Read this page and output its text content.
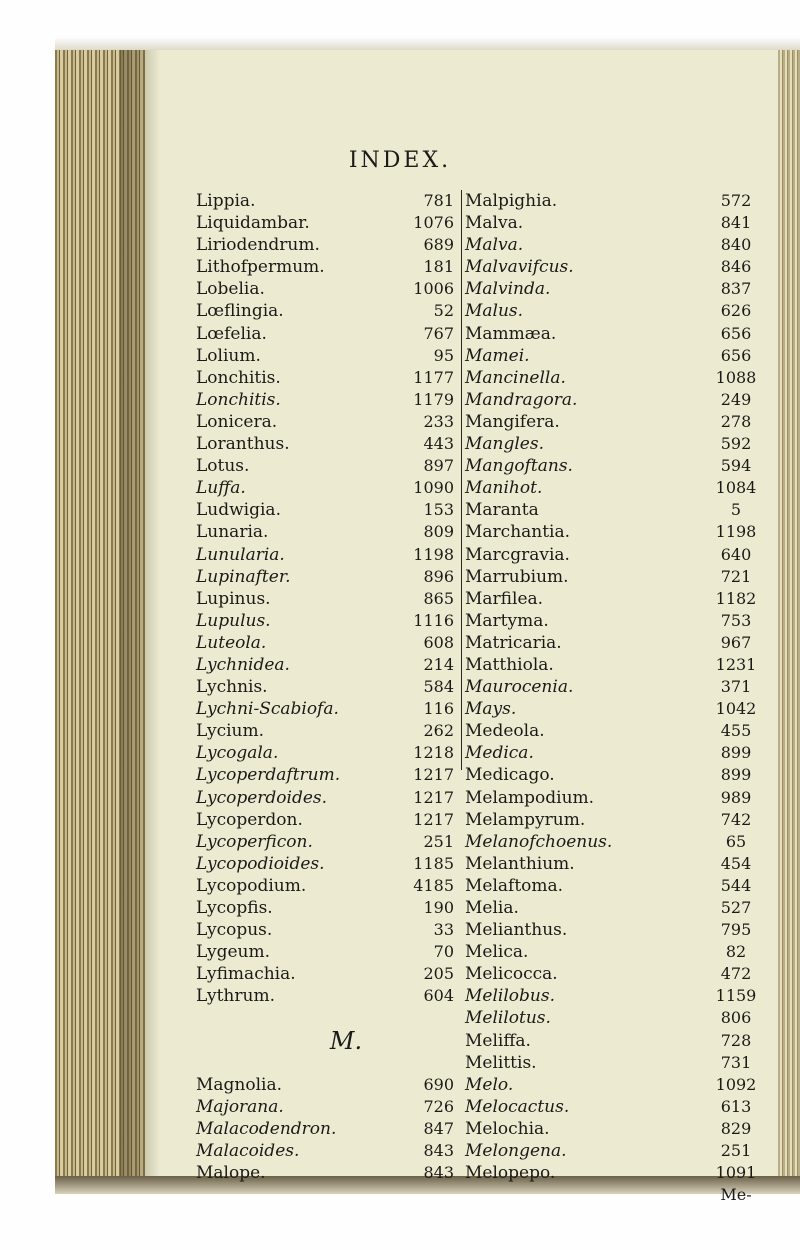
INDEX.
Lippia.
Liquidambar.
Liriodendrum.
Lithofpermum.
Lobelia.
Lœflingia.
Lœfelia.
Lolium.
Lonchitis.
Lonchitis.
Lonicera.
Loranthus.
Lotus.
Luffa.
Ludwigia.
Lunaria.
Lunularia.
Lupinafter.
Lupinus.
Lupulus.
Luteola.
Lychnidea.
Lychnis.
Lychni-Scabiofa.
Lycium.
Lycogala.
Lycoperdaftrum.
Lycoperdoides.
Lycoperdon.
Lycoperficon.
Lycopodioides.
Lycopodium.
Lycopfis.
Lycopus.
Lygeum.
Lyfimachia.
Lythrum.
M.
Magnolia.
Majorana.
Malacodendron.
Malacoides.
Malope.
781
1076
689
181
1006
52
767
95
1177
1179
233
443
897
1090
153
809
1198
896
865
1116
608
214
584
116
262
1218
1217
1217
1217
251
1185
4185
190
33
70
205
604
690
726
847
843
843
Malpighia.
Malva.
Malva.
Malvavifcus.
Malvinda.
Malus.
Mammæa.
Mamei.
Mancinella.
Mandragora.
Mangifera.
Mangles.
Mangoftans.
Manihot.
Maranta
Marchantia.
Marcgravia.
Marrubium.
Marfilea.
Martyma.
Matricaria.
Matthiola.
Maurocenia.
Mays.
Medeola.
Medica.
Medicago.
Melampodium.
Melampyrum.
Melanofchoenus.
Melanthium.
Melaftoma.
Melia.
Melianthus.
Melica.
Melicocca.
Melilobus.
Melilotus.
Meliffa.
Melittis.
Melo.
Melocactus.
Melochia.
Melongena.
Melopepo.
572
841
840
846
837
626
656
656
1088
249
278
592
594
1084
5
1198
640
721
1182
753
967
1231
371
1042
455
899
899
989
742
65
454
544
527
795
82
472
1159
806
728
731
1092
613
829
251
1091
Me-
